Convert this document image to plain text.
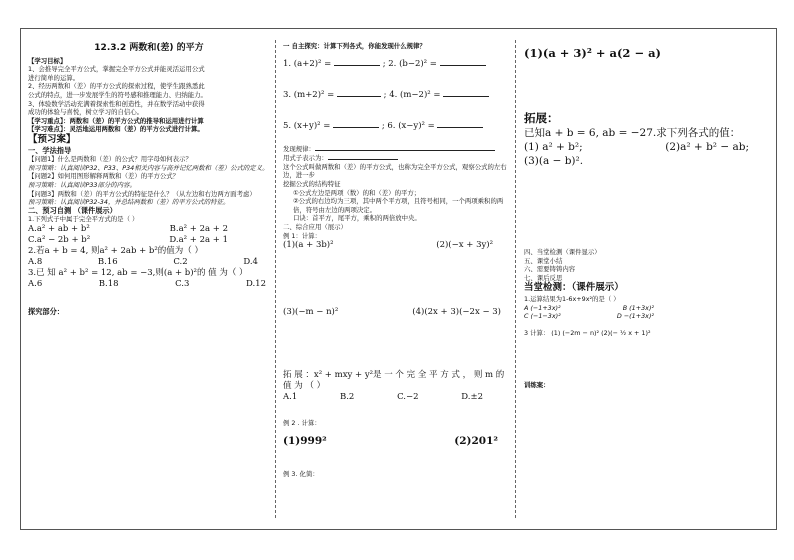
12.3.2 两数和(差) 的平方

【学习目标】

1、会推导完全平方公式，掌握完全平方公式并能灵活运用公式

进行简单的运算。

2、经历两数和（差）的平方公式的探索过程，使学生跟熟悉此

公式的特点，进一步发展学生的符号感和推理能力、归纳能力。

3、体验数学活动充满着探索性和创造性，并在数学活动中获得

成功的体验与喜悦，树立学习的自信心。

【学习重点】：两数和（差）的平方公式的推导和运用进行计算

【学习难点】：灵活地运用两数和（差）的平方公式进行计算。

【预习案】

一、学法指导

【问题1】什么是两数和（差）的公式？用字母如何表示？

预习策略：认真阅读P32、P33、P34相关内容与高并记忆两数和（差）公式的定义。

【问题2】如何用图形解释两数和（差）的平方公式？

预习策略：认真阅读P33部分的内容。

【问题3】两数和（差）的平方公式的特征是什么？（从左边和右边两方面考虑）

预习策略：认真阅读P32-34，并总结两数和（差）的平方公式的特征。

二、预习自测 （课件展示）

1.下列式子中属于完全平方式的是（ ）

A.a² + ab + b²	B.a² + 2a + 2
C.a² − 2b + b²	D.a² + 2a + 1

2.若a + b = 4, 则a² + 2ab + b²的值为（ ）

A.8	B.16	C.2	D.4

3.已 知 a² + b² = 12, ab = −3,则(a + b)²的 值 为（ ）

A.6	B.18	C.3	D.12

探究部分：

一 自主探究：计算下列各式，你能发现什么规律？

1. (a+2)² =	; 2. (b−2)² =

3. (m+2)² =	; 4. (m−2)² =

5. (x+y)² =	; 6. (x−y)² =

发现规律：

用式子表示为：

这个公式叫做两数和（差）的平方公式，也称为完全平方公式，观察公式的左右边，进一步

挖掘公式的结构特征

①公式左边是两项（数）的和（差）的平方；

②公式的右边均为三项，其中两个平方项，且符号相同，一个两项乘积的两倍，符号由左边的两项决定。

口诀：首平方，尾平方，乘积的两倍放中央。

二、综合应用（展示）

例 1：计算：

(1)(a + 3b)²	(2)(−x + 3y)²
(3)(−m − n)²	(4)(2x + 3)(−2x − 3)

拓 展 ：x² + mxy + y²是 一 个 完 全 平 方 式 ， 则 m 的 值 为 （ ）

A.1	B.2	C.−2	D.±2

例 2 . 计算：

(1)999²	(2)201²

例 3. 化简：

(1)(a + 3)² + a(2 − a)

拓展：

已知a + b = 6, ab = −27.求下列各式的值：

(1) a² + b²;	(2)a² + b² − ab;

(3)(a − b)².

四、当堂检测（课件显示）

五、课堂小结

六、需要铸铸内容

七、课后反思

当堂检测：（课件展示）

1.运算结果为1-6x+9x²的是（ ）

A (−1+3x)²	B (1+3x)²
C (−1−3x)²	D −(1+3x)²

3 计算： (1) (−2m − n)² (2)(− ½ x + 1)²

训练案：
